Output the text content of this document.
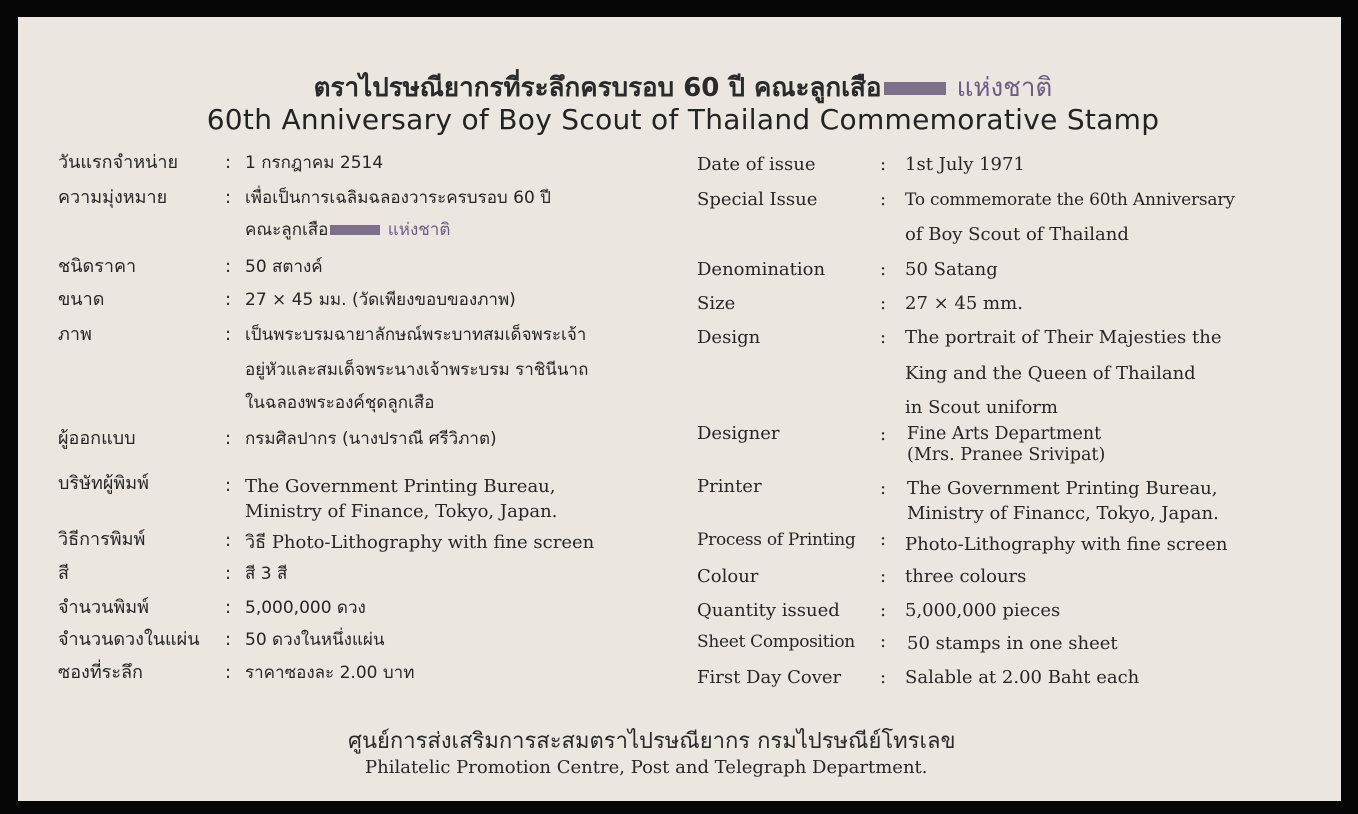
ตราไปรษณียากรที่ระลึกครบรอบ 60 ปี คณะลูกเสือ	แห่งชาติ
60th Anniversary of Boy Scout of Thailand Commemorative Stamp
วันแรกจำหน่าย	: 1 กรกฎาคม 2514
ความมุ่งหมาย	: เพื่อเป็นการเฉลิมฉลองวาระครบรอบ 60 ปี
คณะลูกเสือ	แห่งชาติ
ชนิดราคา	: 50 สตางค์
ขนาด	: 27 × 45 มม. (วัดเพียงขอบของภาพ)
ภาพ	: เป็นพระบรมฉายาลักษณ์พระบาทสมเด็จพระเจ้า
อยู่หัวและสมเด็จพระนางเจ้าพระบรม ราชินีนาถ
ในฉลองพระองค์ชุดลูกเสือ
ผู้ออกแบบ	: กรมศิลปากร (นางปราณี ศรีวิภาต)
บริษัทผู้พิมพ์	: The Government Printing Bureau,
Ministry of Finance, Tokyo, Japan.
วิธีการพิมพ์	: วิธี Photo-Lithography with fine screen
สี	: สี 3 สี
จำนวนพิมพ์	: 5,000,000 ดวง
จำนวนดวงในแผ่น : 50 ดวงในหนึ่งแผ่น
ซองที่ระลึก	: ราคาซองละ 2.00 บาท
Date of issue	: 1st July 1971
Special Issue	: To commemorate the 60th Anniversary
of Boy Scout of Thailand
Denomination	: 50 Satang
Size	: 27 × 45 mm.
Design	: The portrait of Their Majesties the
King and the Queen of Thailand
in Scout uniform
Designer	: Fine Arts Department
(Mrs. Pranee Srivipat)
Printer	: The Government Printing Bureau,
Ministry of Financc, Tokyo, Japan.
Process of Printing : Photo-Lithography with fine screen
Colour	: three colours
Quantity issued : 5,000,000 pieces
Sheet Composition : 50 stamps in one sheet
First Day Cover : Salable at 2.00 Baht each
ศูนย์การส่งเสริมการสะสมตราไปรษณียากร กรมไปรษณีย์โทรเลข
Philatelic Promotion Centre, Post and Telegraph Department.
